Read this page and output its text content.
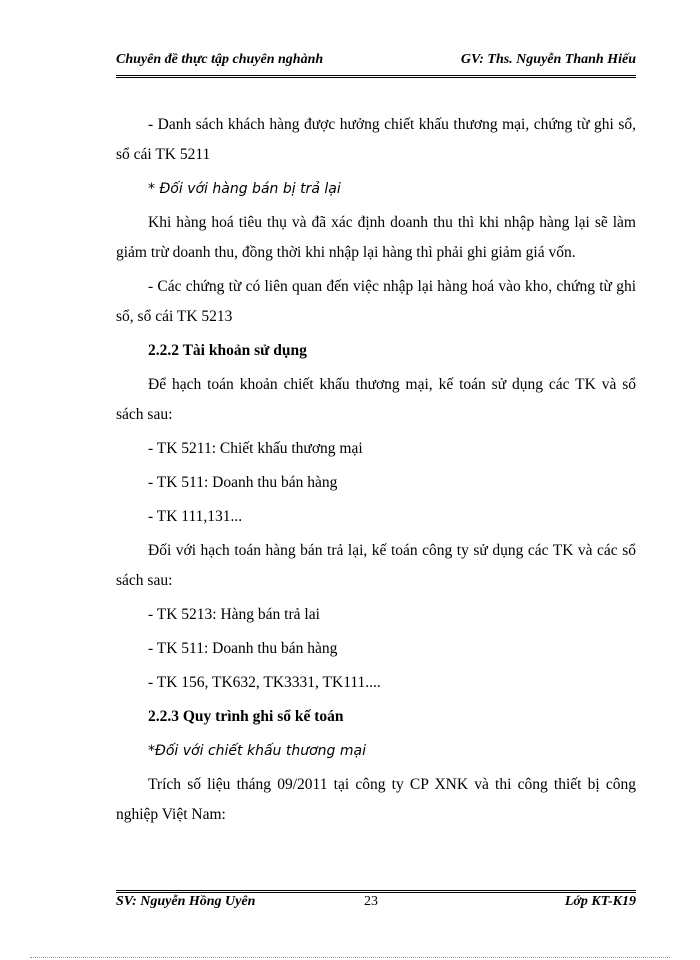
Chuyên đề thực tập chuyên nghành	GV: Ths. Nguyễn Thanh Hiếu

- Danh sách khách hàng được hưởng chiết khấu thương mại, chứng từ ghi sổ, sổ cái TK 5211

* Đối với hàng bán bị trả lại

Khi hàng hoá tiêu thụ và đã xác định doanh thu thì khi nhập hàng lại sẽ làm giảm trừ doanh thu, đồng thời khi nhập lại hàng thì phải ghi giảm giá vốn.

- Các chứng từ có liên quan đến việc nhập lại hàng hoá vào kho, chứng từ ghi sổ, sổ cái TK 5213

2.2.2 Tài khoản sử dụng

Để hạch toán khoản chiết khấu thương mại, kế toán sử dụng các TK và sổ sách sau:

- TK 5211: Chiết khấu thương mại

- TK 511: Doanh thu bán hàng

- TK 111,131...

Đối với hạch toán hàng bán trả lại, kế toán công ty sử dụng các TK và các sổ sách sau:

- TK 5213: Hàng bán trả lai

- TK 511: Doanh thu bán hàng

- TK 156, TK632, TK3331, TK111....

2.2.3 Quy trình ghi sổ kế toán

*Đối với chiết khấu thương mại

Trích số liệu tháng 09/2011 tại công ty CP XNK và thi công thiết bị công nghiệp Việt Nam:

SV: Nguyễn Hồng Uyên	23	Lớp KT-K19
